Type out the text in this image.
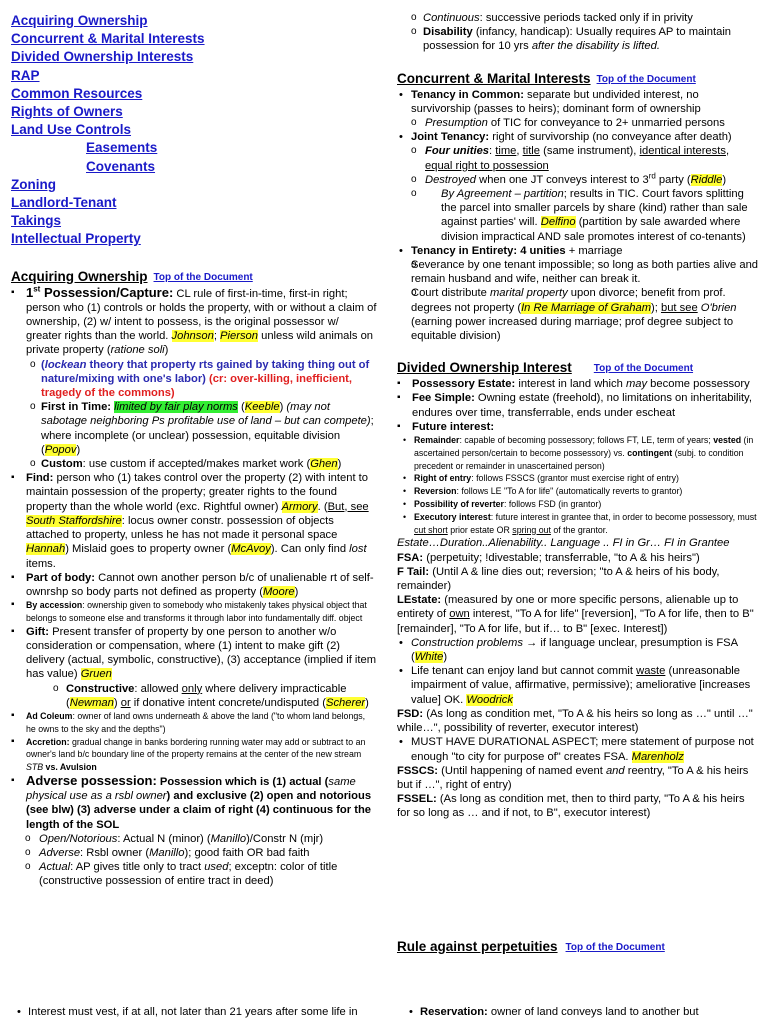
Acquiring Ownership
Concurrent & Marital Interests
Divided Ownership Interests
RAP
Common Resources
Rights of Owners
Land Use Controls
Easements
Covenants
Zoning
Landlord-Tenant
Takings
Intellectual Property
Acquiring Ownership Top of the Document

▪ 1st Possession/Capture: CL rule of first-in-time, first-in right; person who (1) controls or holds the property, with or without a claim of ownership, (2) w/ intent to possess, is the original possessor w/ greater rights than the world. Johnson; Pierson unless wild animals on private property (ratione soli)

o (lockean theory that property rts gained by taking thing out of nature/mixing with one's labor) (cr: over-killing, inefficient, tragedy of the commons)

o First in Time: limited by fair play norms (Keeble) (may not sabotage neighboring Ps profitable use of land – but can compete); where incomplete (or unclear) possession, equitable division (Popov)

o Custom: use custom if accepted/makes market work (Ghen)

▪ Find: person who (1) takes control over the property (2) with intent to maintain possession of the property; greater rights to the found property than the whole world (exc. Rightful owner) Armory. (But, see South Staffordshire: locus owner constr. possession of objects attached to property, unless he has not made it personal space Hannah) Mislaid goes to property owner (McAvoy). Can only find lost items.

▪ Part of body: Cannot own another person b/c of unalienable rt of self-ownrshp so body parts not defined as property (Moore)

▪ By accession: ownership given to somebody who mistakenly takes physical object that belongs to someone else and transforms it through labor into fundamentally diff. object

▪ Gift: Present transfer of property by one person to another w/o consideration or compensation, where (1) intent to make gift (2) delivery (actual, symbolic, constructive), (3) acceptance (implied if item has value) Gruen

o Constructive: allowed only where delivery impracticable (Newman) or if donative intent concrete/undisputed (Scherer)

▪ Ad Coleum: owner of land owns underneath & above the land ("to whom land belongs, he owns to the sky and the depths")

▪ Accretion: gradual change in banks bordering running water may add or subtract to an owner's land b/c boundary line of the property remains at the center of the new stream STB vs. Avulsion

▪ Adverse possession: Possession which is (1) actual (same physical use as a rsbl owner) and exclusive (2) open and notorious (see blw) (3) adverse under a claim of right (4) continuous for the length of the SOL

o Open/Notorious: Actual N (minor) (Manillo)/Constr N (mjr)

o Adverse: Rsbl owner (Manillo); good faith OR bad faith

o Actual: AP gives title only to tract used; exceptn: color of title (constructive possession of entire tract in deed)

• Interest must vest, if at all, not later than 21 years after some life in

o Continuous: successive periods tacked only if in privity

o Disability (infancy, handicap): Usually requires AP to maintain possession for 10 yrs after the disability is lifted.

Concurrent & Marital Interests Top of the Document

• Tenancy in Common: separate but undivided interest, no survivorship (passes to heirs); dominant form of ownership

o Presumption of TIC for conveyance to 2+ unmarried persons

• Joint Tenancy: right of survivorship (no conveyance after death)

o Four unities: time, title (same instrument), identical interests, equal right to possession

o Destroyed when one JT conveys interest to 3rd party (Riddle)

o By Agreement – partition; results in TIC. Court favors splitting the parcel into smaller parcels by share (kind) rather than sale against parties' will. Delfino (partition by sale awarded where division impractical AND sale promotes interest of co-tenants)

• Tenancy in Entirety: 4 unities + marriage

o Severance by one tenant impossible; so long as both parties alive and remain husband and wife, neither can break it.

o Court distribute marital property upon divorce; benefit from prof. degrees not property (In Re Marriage of Graham); but see O'brien (earning power increased during marriage; prof degree subject to equitable division)

Divided Ownership Interest Top of the Document

▪ Possessory Estate: interest in land which may become possessory

▪ Fee Simple: Owning estate (freehold), no limitations on inheritability, endures over time, transferrable, ends under escheat

▪ Future interest:

• Remainder: capable of becoming possessory; follows FT, LE, term of years; vested (in ascertained person/certain to become possessory) vs. contingent (subj. to condition precedent or remainder in unascertained person)

• Right of entry: follows FSSCS (grantor must exercise right of entry)

• Reversion: follows LE "To A for life" (automatically reverts to grantor)

• Possibility of reverter: follows FSD (in grantor)

• Executory interest: future interest in grantee that, in order to become possessory, must cut short prior estate OR spring out of the grantor.

Estate…Duration..Alienability.. Language .. FI in Gr… FI in Grantee

FSA: (perpetuity; !divestable; transferrable, "to A & his heirs")

F Tail: (Until A & line dies out; reversion; "to A & heirs of his body, remainder)

LEstate: (measured by one or more specific persons, alienable up to entirety of own interest, "To A for life" [reversion], "To A for life, then to B" [remainder], "To A for life, but if… to B" [exec. Interest])

• Construction problems → if language unclear, presumption is FSA (White)

• Life tenant can enjoy land but cannot commit waste (unreasonable impairment of value, affirmative, permissive); ameliorative [increases value] OK. Woodrick

FSD: (As long as condition met, "To A & his heirs so long as …" until …" while…", possibility of reverter, executor interest)

• MUST HAVE DURATIONAL ASPECT; mere statement of purpose not enough "to city for purpose of" creates FSA. Marenholz

FSSCS: (Until happening of named event and reentry, "To A & his heirs but if …", right of entry)

FSSEL: (As long as condition met, then to third party, "To A & his heirs for so long as … and if not, to B", executor interest)

Rule against perpetuities Top of the Document

• Reservation: owner of land conveys land to another but
